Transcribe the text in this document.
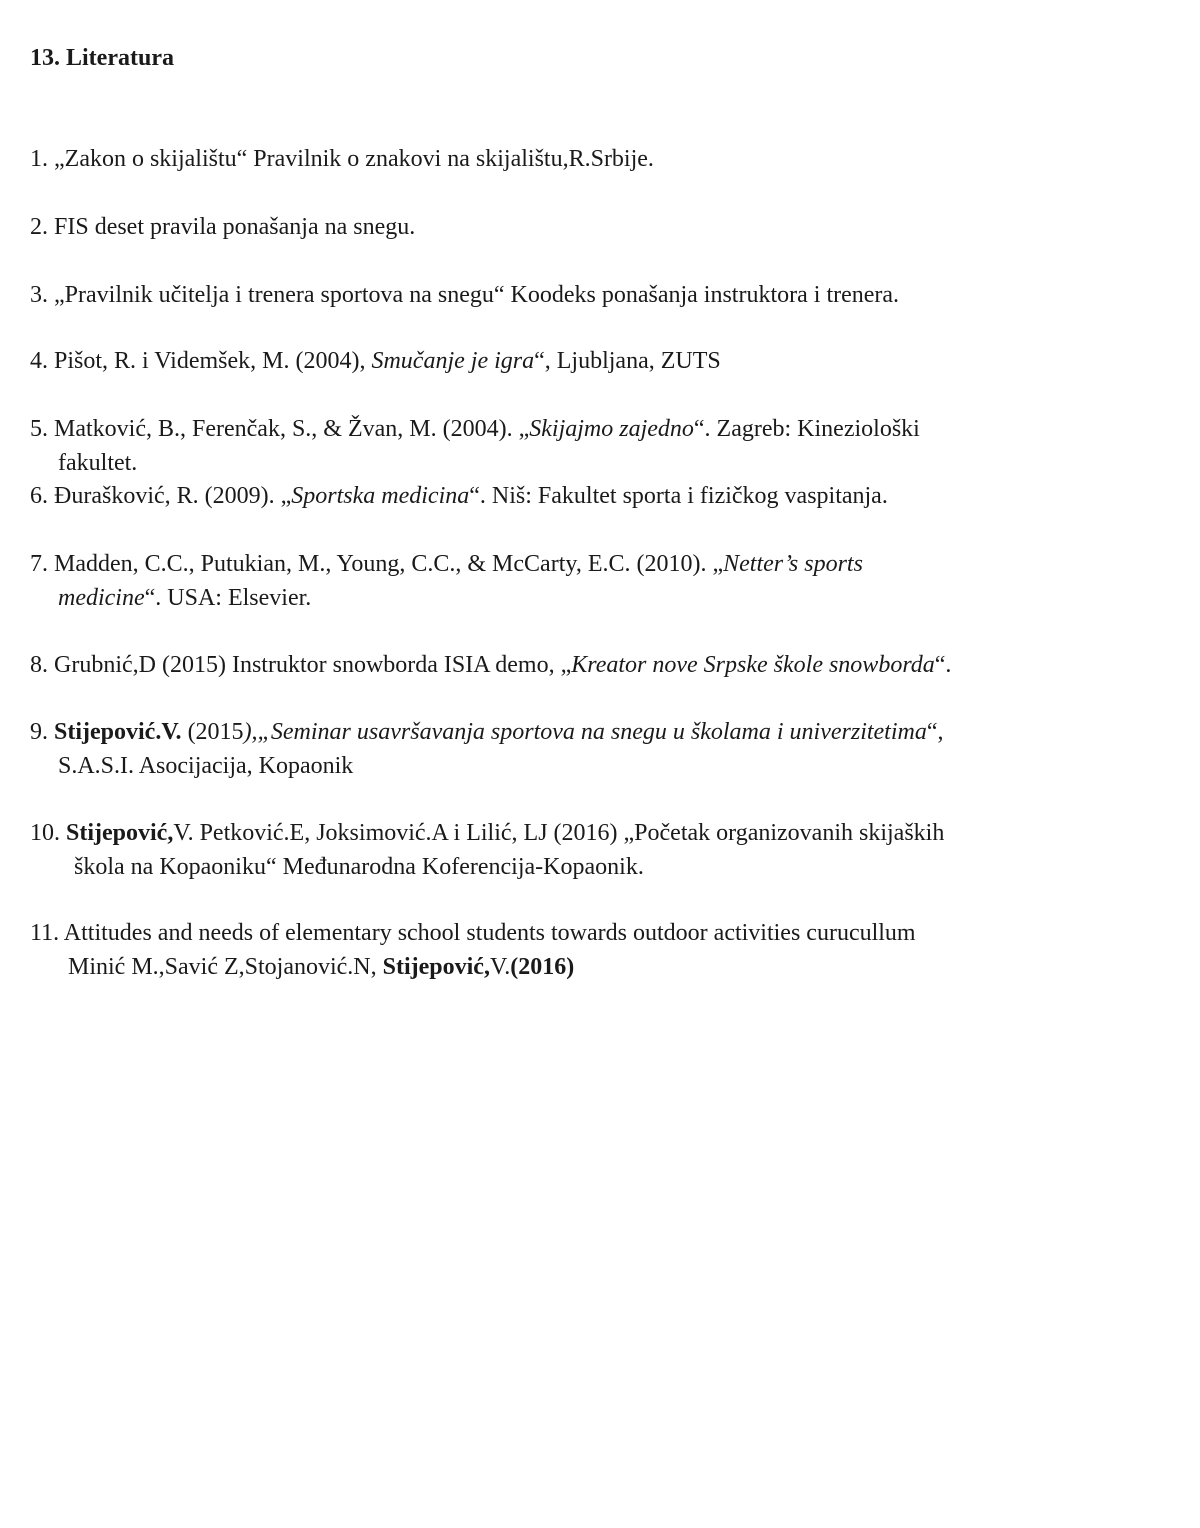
13. Literatura

1. „Zakon o skijalištu“ Pravilnik o znakovi na skijalištu,R.Srbije.

2. FIS deset pravila ponašanja na snegu.

3. „Pravilnik učitelja i trenera sportova na snegu“ Koodeks ponašanja instruktora i trenera.

4. Pišot, R. i Videmšek, M. (2004), Smučanje je igra“, Ljubljana, ZUTS

5. Matković, B., Ferenčak, S., & Žvan, M. (2004). „Skijajmo zajedno“. Zagreb: Kineziološki
fakultet.

6. Đurašković, R. (2009). „Sportska medicina“. Niš: Fakultet sporta i fizičkog vaspitanja.

7. Madden, C.C., Putukian, M., Young, C.C., & McCarty, E.C. (2010). „Netter’s sports
medicine“. USA: Elsevier.

8. Grubnić,D (2015) Instruktor snowborda ISIA demo, „Kreator nove Srpske škole snowborda“.

9. Stijepović.V. (2015),„Seminar usavršavanja sportova na snegu u školama i univerzitetima“,
S.A.S.I. Asocijacija, Kopaonik

10. Stijepović,V. Petković.E, Joksimović.A i Lilić, LJ (2016) „Početak organizovanih skijaških
škola na Kopaoniku“ Međunarodna Koferencija-Kopaonik.

11. Attitudes and needs of elementary school students towards outdoor activities curucullum
Minić M.,Savić Z,Stojanović.N, Stijepović,V.(2016)
